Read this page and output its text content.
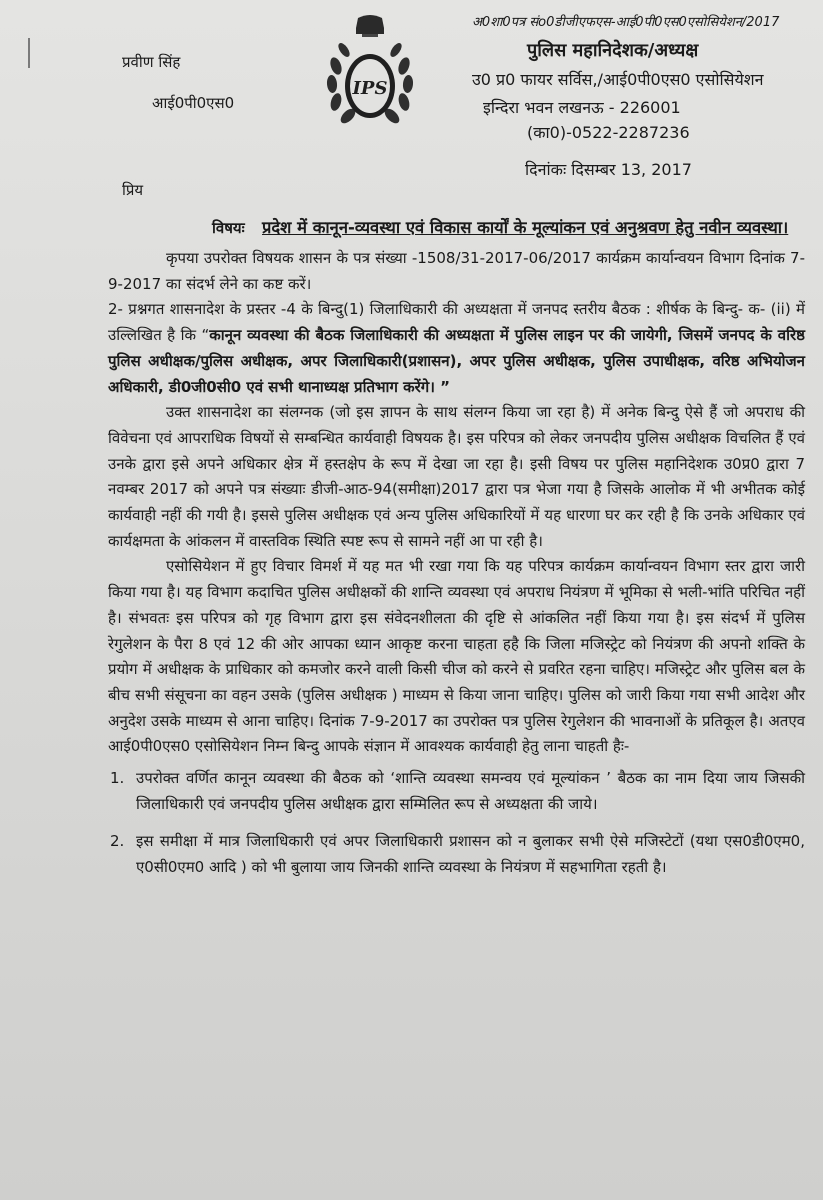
अ0शा0पत्र संo0डीजीएफएस-आई0पी0एस0एसोसियेशन/2017
प्रवीण सिंह
आई0पी0एस0
IPS
पुलिस महानिदेशक/अध्यक्ष
उ0 प्र0 फायर सर्विस,/आई0पी0एस0 एसोसियेशन
इन्दिरा भवन लखनऊ - 226001
(का0)-0522-2287236
दिनांकः दिसम्बर 13, 2017
प्रिय
विषयः प्रदेश में कानून-व्यवस्था एवं विकास कार्यों के मूल्यांकन एवं अनुश्रवण हेतु नवीन व्यवस्था।

कृपया उपरोक्त विषयक शासन के पत्र संख्या -1508/31-2017-06/2017 कार्यक्रम कार्यान्वयन विभाग दिनांक 7-9-2017 का संदर्भ लेने का कष्ट करें।

2- प्रश्नगत शासनादेश के प्रस्तर -4 के बिन्दु(1) जिलाधिकारी की अध्यक्षता में जनपद स्तरीय बैठक : शीर्षक के बिन्दु- क- (ii) में उल्लिखित है कि “कानून व्यवस्था की बैठक जिलाधिकारी की अध्यक्षता में पुलिस लाइन पर की जायेगी, जिसमें जनपद के वरिष्ठ पुलिस अधीक्षक/पुलिस अधीक्षक, अपर जिलाधिकारी(प्रशासन), अपर पुलिस अधीक्षक, पुलिस उपाधीक्षक, वरिष्ठ अभियोजन अधिकारी, डी0जी0सी0 एवं सभी थानाध्यक्ष प्रतिभाग करेंगे। ”

उक्त शासनादेश का संलग्नक (जो इस ज्ञापन के साथ संलग्न किया जा रहा है) में अनेक बिन्दु ऐसे हैं जो अपराध की विवेचना एवं आपराधिक विषयों से सम्बन्धित कार्यवाही विषयक है। इस परिपत्र को लेकर जनपदीय पुलिस अधीक्षक विचलित हैं एवं उनके द्वारा इसे अपने अधिकार क्षेत्र में हस्तक्षेप के रूप में देखा जा रहा है। इसी विषय पर पुलिस महानिदेशक उ0प्र0 द्वारा 7 नवम्बर 2017 को अपने पत्र संख्याः डीजी-आठ-94(समीक्षा)2017 द्वारा पत्र भेजा गया है जिसके आलोक में भी अभीतक कोई कार्यवाही नहीं की गयी है। इससे पुलिस अधीक्षक एवं अन्य पुलिस अधिकारियों में यह धारणा घर कर रही है कि उनके अधिकार एवं कार्यक्षमता के आंकलन में वास्तविक स्थिति स्पष्ट रूप से सामने नहीं आ पा रही है।

एसोसियेशन में हुए विचार विमर्श में यह मत भी रखा गया कि यह परिपत्र कार्यक्रम कार्यान्वयन विभाग स्तर द्वारा जारी किया गया है। यह विभाग कदाचित पुलिस अधीक्षकों की शान्ति व्यवस्था एवं अपराध नियंत्रण में भूमिका से भली-भांति परिचित नहीं है। संभवतः इस परिपत्र को गृह विभाग द्वारा इस संवेदनशीलता की दृष्टि से आंकलित नहीं किया गया है। इस संदर्भ में पुलिस रेगुलेशन के पैरा 8 एवं 12 की ओर आपका ध्यान आकृष्ट करना चाहता हहै कि जिला मजिस्ट्रेट को नियंत्रण की अपनो शक्ति के प्रयोग में अधीक्षक के प्राधिकार को कमजोर करने वाली किसी चीज को करने से प्रवरित रहना चाहिए। मजिस्ट्रेट और पुलिस बल के बीच सभी संसूचना का वहन उसके (पुलिस अधीक्षक ) माध्यम से किया जाना चाहिए। पुलिस को जारी किया गया सभी आदेश और अनुदेश उसके माध्यम से आना चाहिए। दिनांक 7-9-2017 का उपरोक्त पत्र पुलिस रेगुलेशन की भावनाओं के प्रतिकूल है। अतएव आई0पी0एस0 एसोसियेशन निम्न बिन्दु आपके संज्ञान में आवश्यक कार्यवाही हेतु लाना चाहती हैः-

1. उपरोक्त वर्णित कानून व्यवस्था की बैठक को ‘शान्ति व्यवस्था समन्वय एवं मूल्यांकन ’ बैठक का नाम दिया जाय जिसकी जिलाधिकारी एवं जनपदीय पुलिस अधीक्षक द्वारा सम्मिलित रूप से अध्यक्षता की जाये।
2. इस समीक्षा में मात्र जिलाधिकारी एवं अपर जिलाधिकारी प्रशासन को न बुलाकर सभी ऐसे मजिस्टेटों (यथा एस0डी0एम0, ए0सी0एम0 आदि ) को भी बुलाया जाय जिनकी शान्ति व्यवस्था के नियंत्रण में सहभागिता रहती है।
